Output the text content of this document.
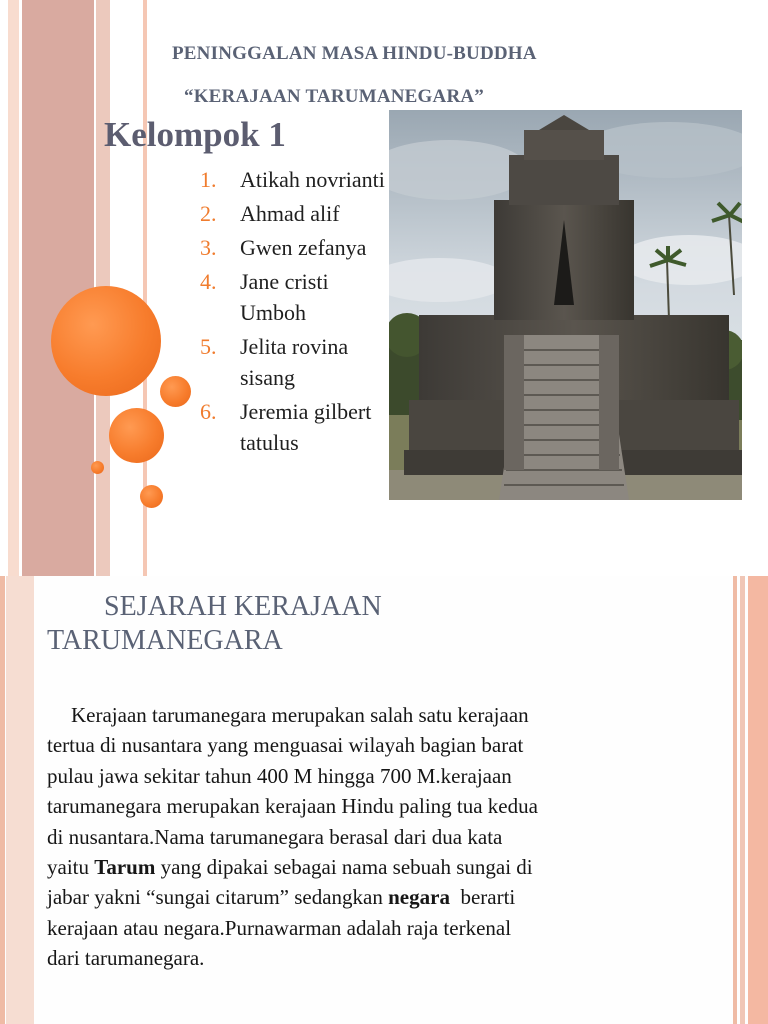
PENINGGALAN MASA HINDU-BUDDHA
“KERAJAAN TARUMANEGARA”
Kelompok 1
1.	Atikah novrianti
2.	Ahmad alif
3.	Gwen zefanya
4.	Jane cristi Umboh
5.	Jelita rovina sisang
6.	Jeremia gilbert tatulus
SEJARAH KERAJAAN
TARUMANEGARA
Kerajaan tarumanegara merupakan salah satu kerajaan
tertua di nusantara yang menguasai wilayah bagian barat
pulau jawa sekitar tahun 400 M hingga 700 M.kerajaan
tarumanegara merupakan kerajaan Hindu paling tua kedua
di nusantara.Nama tarumanegara berasal dari dua kata
yaitu Tarum yang dipakai sebagai nama sebuah sungai di
jabar yakni “sungai citarum” sedangkan negara  berarti
kerajaan atau negara.Purnawarman adalah raja terkenal
dari tarumanegara.
